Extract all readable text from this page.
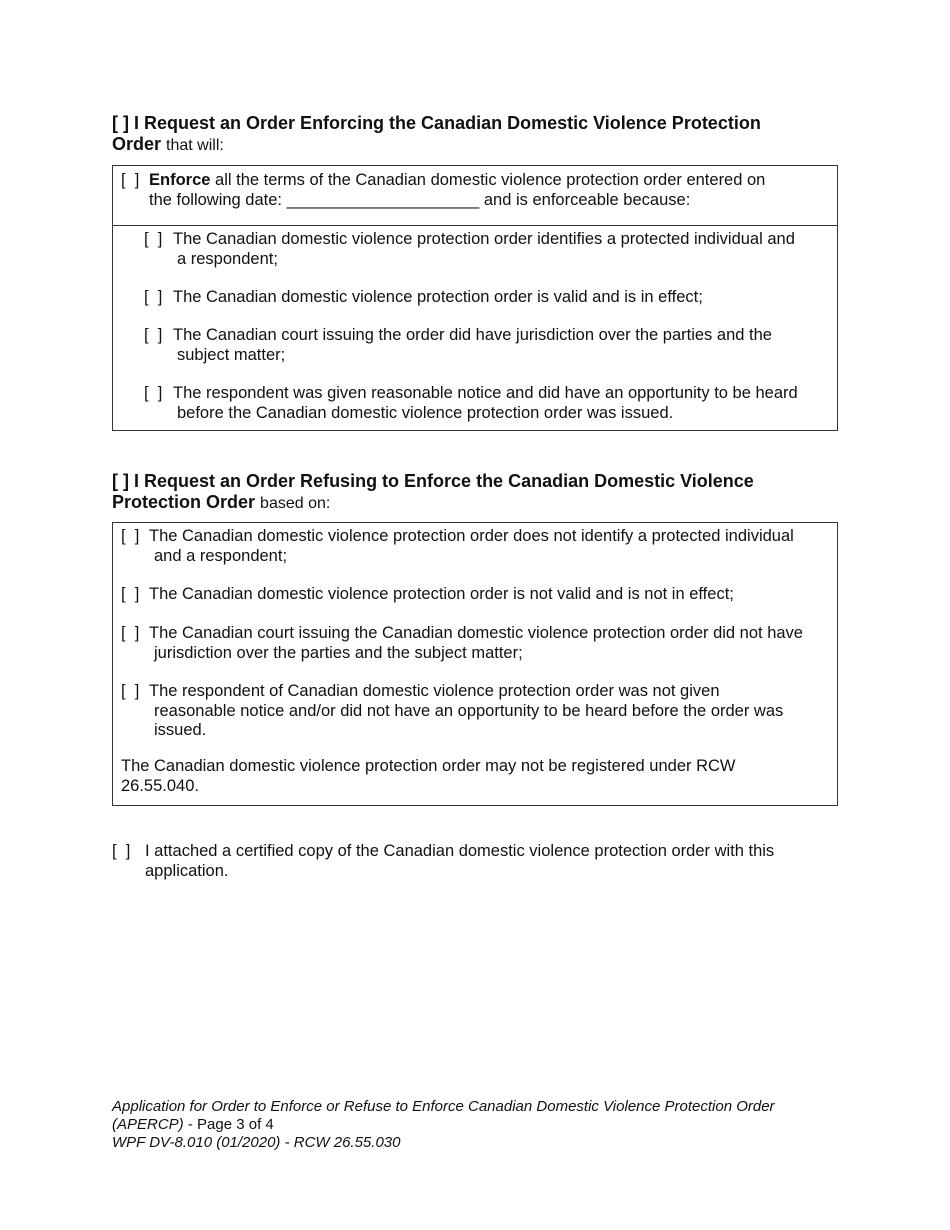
[ ] I Request an Order Enforcing the Canadian Domestic Violence Protection
Order that will:
[  ] Enforce all the terms of the Canadian domestic violence protection order entered on
the following date: _____________________ and is enforceable because:
[  ] The Canadian domestic violence protection order identifies a protected individual and
a respondent;
[  ] The Canadian domestic violence protection order is valid and is in effect;
[  ] The Canadian court issuing the order did have jurisdiction over the parties and the
subject matter;
[  ] The respondent was given reasonable notice and did have an opportunity to be heard
before the Canadian domestic violence protection order was issued.
[ ] I Request an Order Refusing to Enforce the Canadian Domestic Violence
Protection Order based on:
[  ] The Canadian domestic violence protection order does not identify a protected individual
and a respondent;
[  ] The Canadian domestic violence protection order is not valid and is not in effect;
[  ] The Canadian court issuing the Canadian domestic violence protection order did not have
jurisdiction over the parties and the subject matter;
[  ] The respondent of Canadian domestic violence protection order was not given
reasonable notice and/or did not have an opportunity to be heard before the order was
issued.
The Canadian domestic violence protection order may not be registered under RCW
26.55.040.
[  ] I attached a certified copy of the Canadian domestic violence protection order with this
application.
Application for Order to Enforce or Refuse to Enforce Canadian Domestic Violence Protection Order
(APERCP) - Page 3 of 4
WPF DV-8.010 (01/2020) - RCW 26.55.030
